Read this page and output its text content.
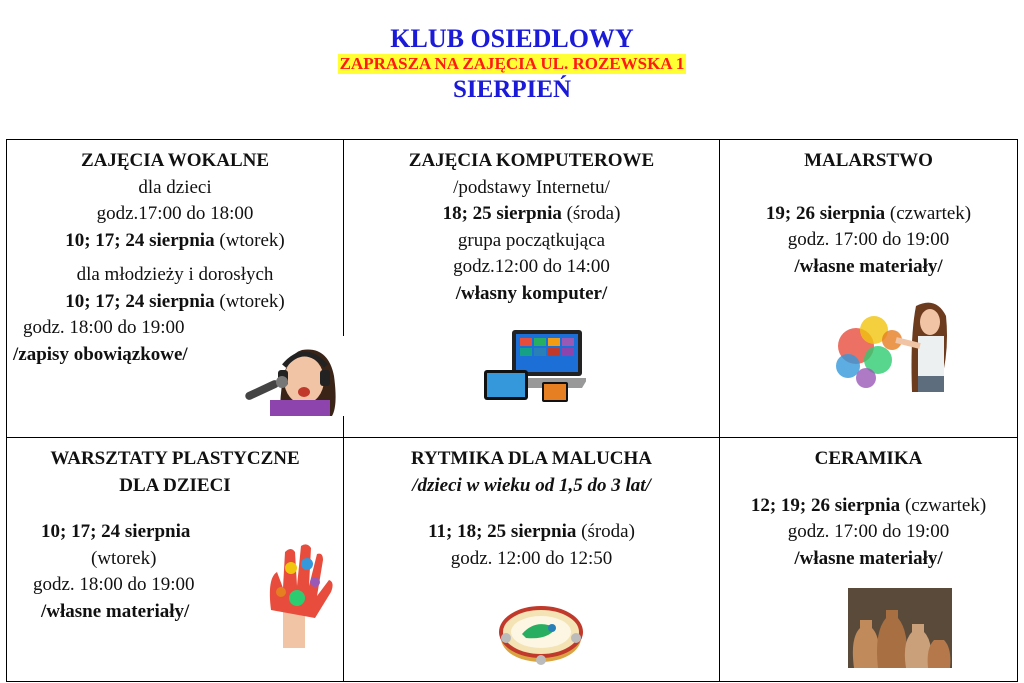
KLUB OSIEDLOWY
ZAPRASZA NA ZAJĘCIA UL. ROZEWSKA 1
SIERPIEŃ
ZAJĘCIA WOKALNE
dla dzieci
godz.17:00 do 18:00
10; 17; 24 sierpnia (wtorek)
dla młodzieży i dorosłych
10; 17; 24 sierpnia (wtorek)
godz. 18:00 do 19:00
/zapisy obowiązkowe/
ZAJĘCIA KOMPUTEROWE
/podstawy Internetu/
18; 25 sierpnia (środa)
grupa początkująca
godz.12:00 do 14:00
/własny komputer/
MALARSTWO
19; 26 sierpnia (czwartek)
godz. 17:00 do 19:00
/własne materiały/
WARSZTATY PLASTYCZNE
DLA DZIECI
10; 17; 24 sierpnia
(wtorek)
godz. 18:00 do 19:00
/własne materiały/
RYTMIKA DLA MALUCHA
/dzieci w wieku od 1,5 do 3 lat/
11; 18; 25 sierpnia (środa)
godz. 12:00 do 12:50
CERAMIKA
12; 19; 26 sierpnia (czwartek)
godz. 17:00 do 19:00
/własne materiały/
